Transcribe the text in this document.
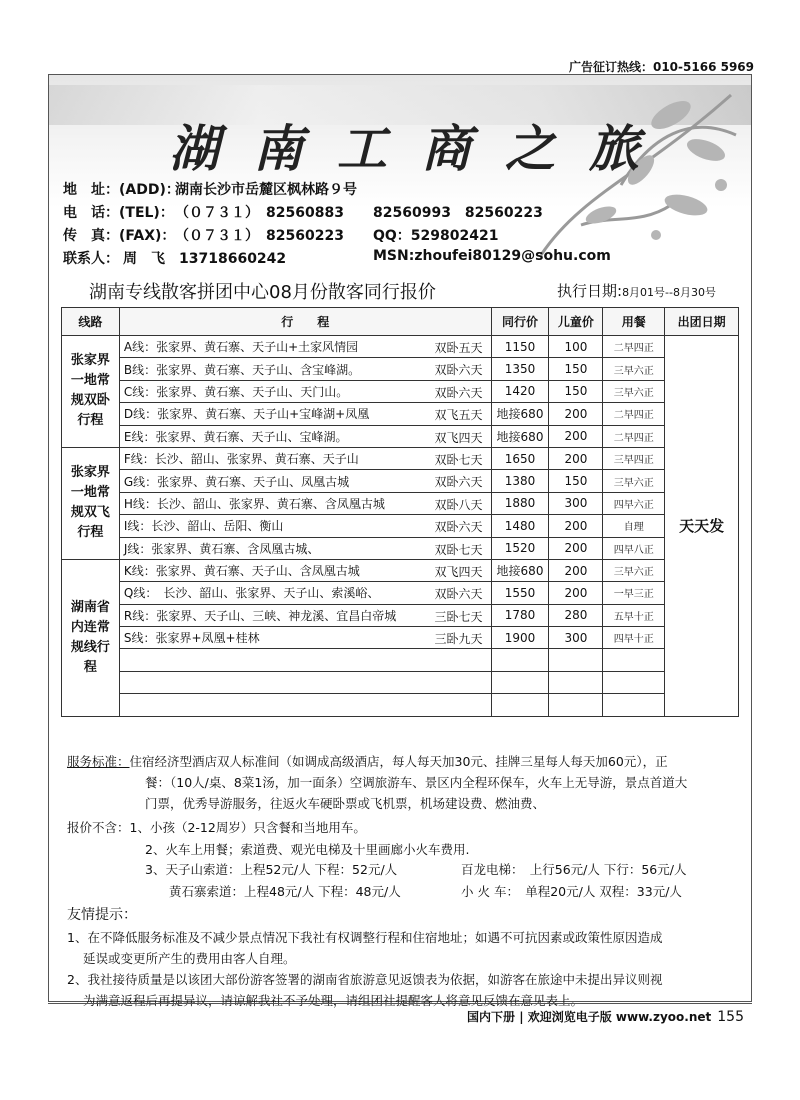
广告征订热线：010-5166 5969
湖南工商之旅
地　址：(ADD)：湖南长沙市岳麓区枫林路９号
电　话：(TEL)：（０７３１）　82560883 82560993　82560223
传　真：(FAX)：（０７３１）　82560223 QQ：529802421
联系人： 周　飞　13718660242	MSN:zhoufei80129@sohu.com
湖南专线散客拼团中心08月份散客同行报价	执行日期:8月01号--8月30号
线路	行　　程	同行价	儿童价	用餐	出团日期
张家界一地常规双卧行程	A线：张家界、黄石寨、天子山+土家风情园 双卧五天	1150	100	二早四正	天天发
	B线：张家界、黄石寨、天子山、含宝峰湖。 双卧六天	1350	150	三早六正	
	C线：张家界、黄石寨、天子山、天门山。 双卧六天	1420	150	三早六正	
	D线：张家界、黄石寨、天子山+宝峰湖+凤凰 双飞五天	地接680	200	二早四正	
	E线：张家界、黄石寨、天子山、宝峰湖。 双飞四天	地接680	200	二早四正	
张家界一地常规双飞行程	F线：长沙、韶山、张家界、黄石寨、天子山 双卧七天	1650	200	三早四正	
	G线：张家界、黄石寨、天子山、凤凰古城 双卧六天	1380	150	三早六正	
	H线：长沙、韶山、张家界、黄石寨、含凤凰古城 双卧八天	1880	300	四早六正	
	I线：长沙、韶山、岳阳、衡山 双卧六天	1480	200	自理	
	J线：张家界、黄石寨、含凤凰古城、 双卧七天	1520	200	四早八正	
湖南省内连常规线行程	K线：张家界、黄石寨、天子山、含凤凰古城 双飞四天	地接680	200	三早六正	
	Q线：　长沙、韶山、张家界、天子山、索溪峪、 双卧六天	1550	200	一早三正	
	R线：张家界、天子山、三峡、神龙溪、宜昌白帝城 三卧七天	1780	280	五早十正	
	S线：张家界+凤凰+桂林 三卧九天	1900	300	四早十正	

服务标准：住宿经济型酒店双人标准间（如调成高级酒店，每人每天加30元、挂牌三星每人每天加60元），正
餐：（10人/桌、8菜1汤，加一面条）空调旅游车、景区内全程环保车，火车上无导游，景点首道大
门票，优秀导游服务，往返火车硬卧票或飞机票，机场建设费、燃油费、
报价不含：1、小孩（2-12周岁）只含餐和当地用车。
2、火车上用餐；索道费、观光电梯及十里画廊小火车费用.
3、天子山索道：上程52元/人 下程：52元/人	百龙电梯：　上行56元/人 下行：56元/人
黄石寨索道：上程48元/人 下程：48元/人	小 火 车：　单程20元/人 双程：33元/人
友情提示：
1、在不降低服务标准及不减少景点情况下我社有权调整行程和住宿地址；如遇不可抗因素或政策性原因造成
延误或变更所产生的费用由客人自理。
2、我社接待质量是以该团大部份游客签署的湖南省旅游意见返馈表为依据，如游客在旅途中未提出异议则视
为满意返程后再提异议，请谅解我社不予处理，请组团社提醒客人将意见反馈在意见表上。
国内下册 | 欢迎浏览电子版 www.zyoo.net 155
